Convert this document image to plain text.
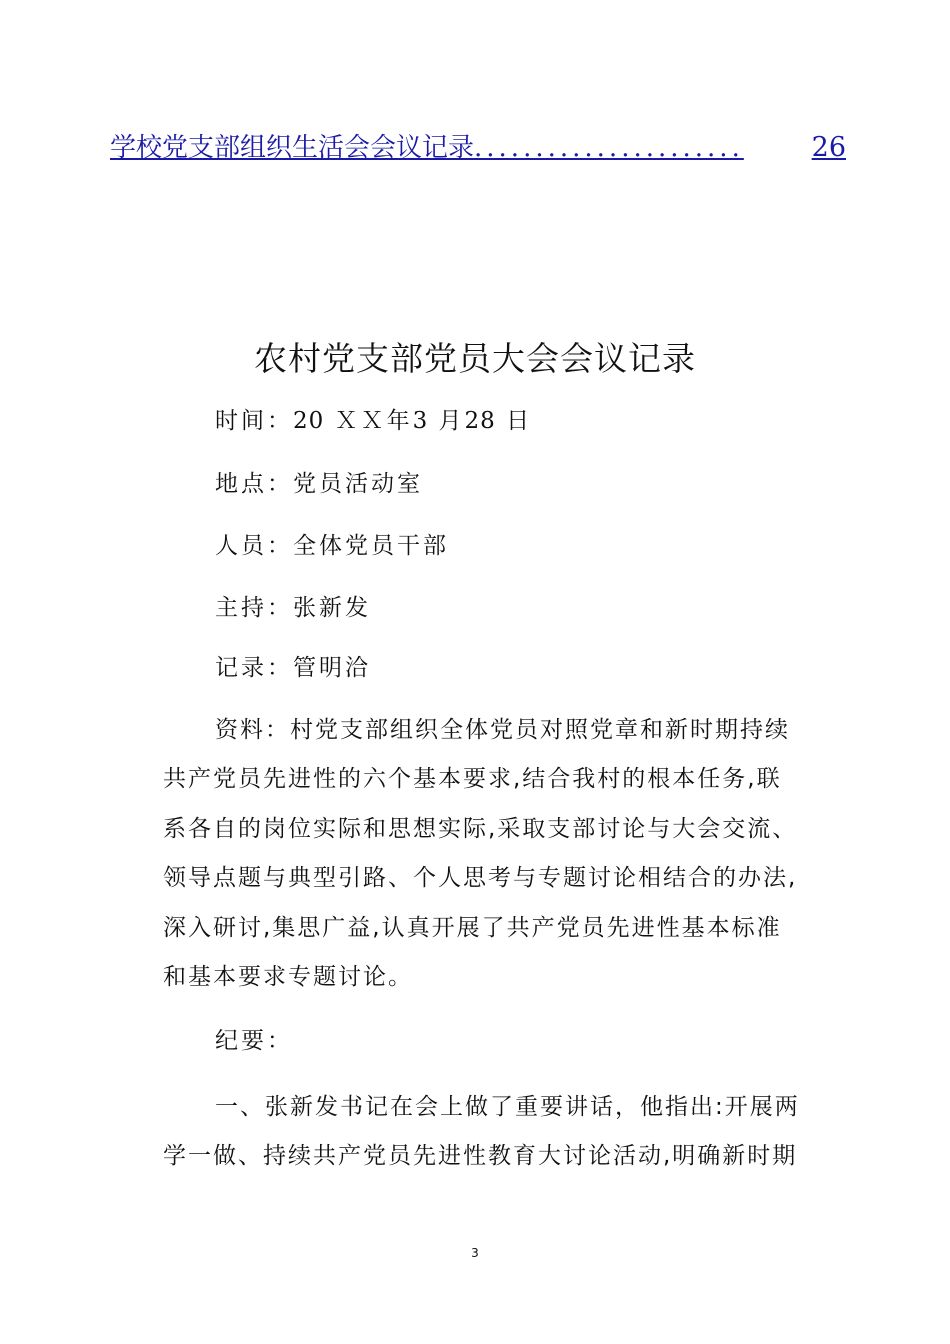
学校党支部组织生活会会议记录 ......................	26
农村党支部党员大会会议记录
时间：20 ＸＸ年3 月28 日
地点：党员活动室
人员：全体党员干部
主持：张新发
记录：管明洽
资料：村党支部组织全体党员对照党章和新时期持续
共产党员先进性的六个基本要求,结合我村的根本任务,联
系各自的岗位实际和思想实际,采取支部讨论与大会交流、
领导点题与典型引路、个人思考与专题讨论相结合的办法,
深入研讨,集思广益,认真开展了共产党员先进性基本标准
和基本要求专题讨论。
纪要：
一、张新发书记在会上做了重要讲话，他指出:开展两
学一做、持续共产党员先进性教育大讨论活动,明确新时期
3
